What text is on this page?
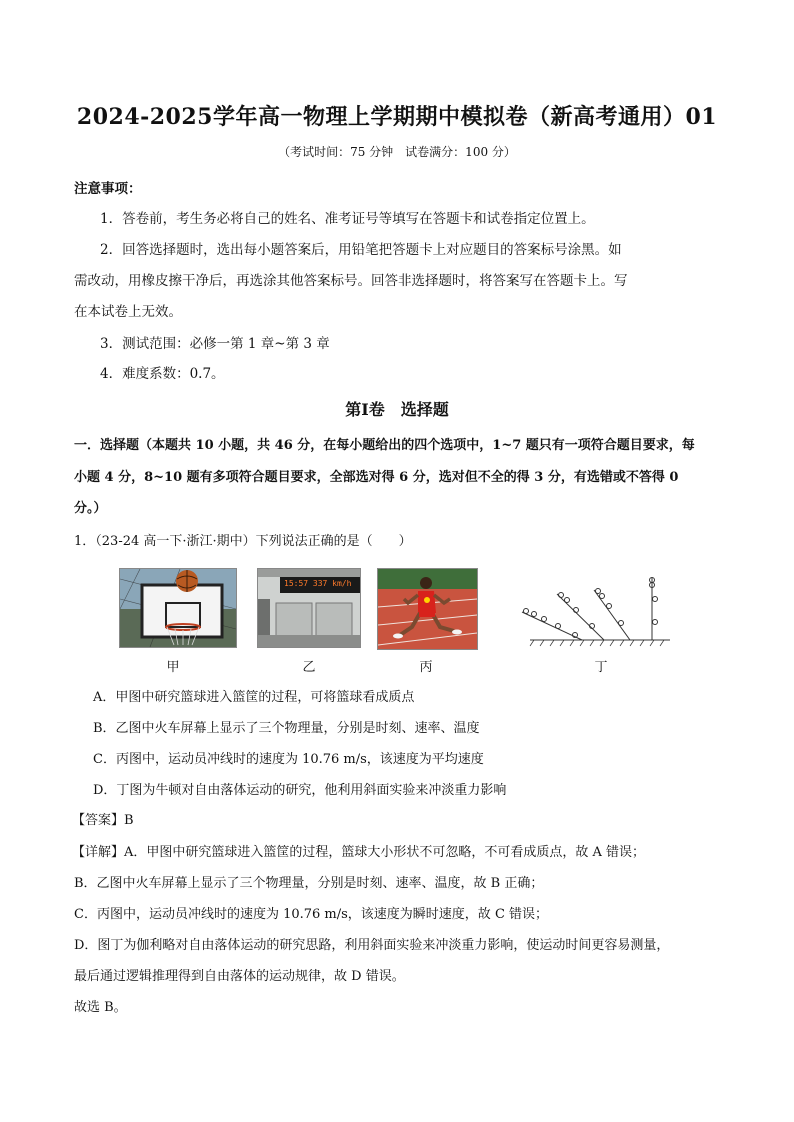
2024-2025学年高一物理上学期期中模拟卷（新高考通用）01
（考试时间：75 分钟　试卷满分：100 分）
注意事项：
1．答卷前，考生务必将自己的姓名、准考证号等填写在答题卡和试卷指定位置上。
2．回答选择题时，选出每小题答案后，用铅笔把答题卡上对应题目的答案标号涂黑。如
需改动，用橡皮擦干净后，再选涂其他答案标号。回答非选择题时，将答案写在答题卡上。写
在本试卷上无效。
3．测试范围：必修一第 1 章~第 3 章
4．难度系数：0.7。
第Ⅰ卷　选择题
一．选择题（本题共 10 小题，共 46 分，在每小题给出的四个选项中，1~7 题只有一项符合题目要求，每
小题 4 分，8~10 题有多项符合题目要求，全部选对得 6 分，选对但不全的得 3 分，有选错或不答得 0
分。）
1．（23-24 高一下·浙江·期中）下列说法正确的是（　　）
甲
15:57 337 km/h
乙	丙	丁
A．甲图中研究篮球进入篮筐的过程，可将篮球看成质点
B．乙图中火车屏幕上显示了三个物理量，分别是时刻、速率、温度
C．丙图中，运动员冲线时的速度为 10.76 m/s，该速度为平均速度
D．丁图为牛顿对自由落体运动的研究，他利用斜面实验来冲淡重力影响
【答案】B
【详解】A．甲图中研究篮球进入篮筐的过程，篮球大小形状不可忽略，不可看成质点，故 A 错误；
B．乙图中火车屏幕上显示了三个物理量，分别是时刻、速率、温度，故 B 正确；
C．丙图中，运动员冲线时的速度为 10.76 m/s，该速度为瞬时速度，故 C 错误；
D．图丁为伽利略对自由落体运动的研究思路，利用斜面实验来冲淡重力影响，使运动时间更容易测量，
最后通过逻辑推理得到自由落体的运动规律，故 D 错误。
故选 B。
